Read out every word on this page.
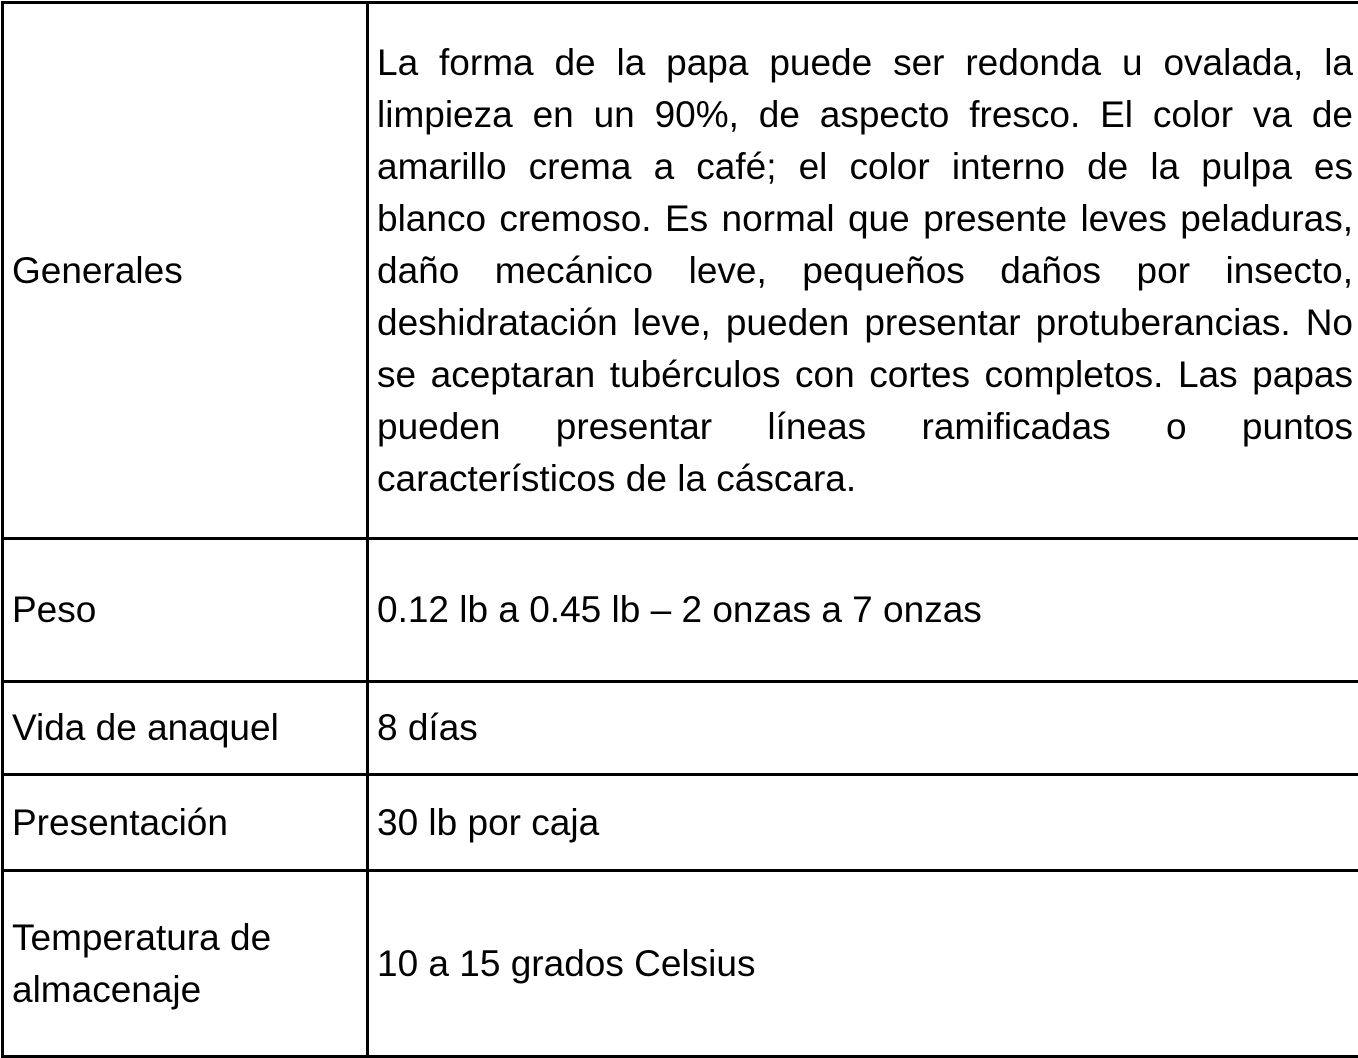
Generales	La forma de la papa puede ser redonda u ovalada, la limpieza en un 90%, de aspecto fresco. El color va de amarillo crema a café; el color interno de la pulpa es blanco cremoso. Es normal que presente leves peladuras, daño mecánico leve, pequeños daños por insecto, deshidratación leve, pueden presentar protuberancias. No se aceptaran tubérculos con cortes completos. Las papas pueden presentar líneas ramificadas o puntos característicos de la cáscara.
Peso	0.12 lb a 0.45 lb – 2 onzas a 7 onzas
Vida de anaquel	8 días
Presentación	30 lb por caja
Temperatura de almacenaje	10 a 15 grados Celsius
